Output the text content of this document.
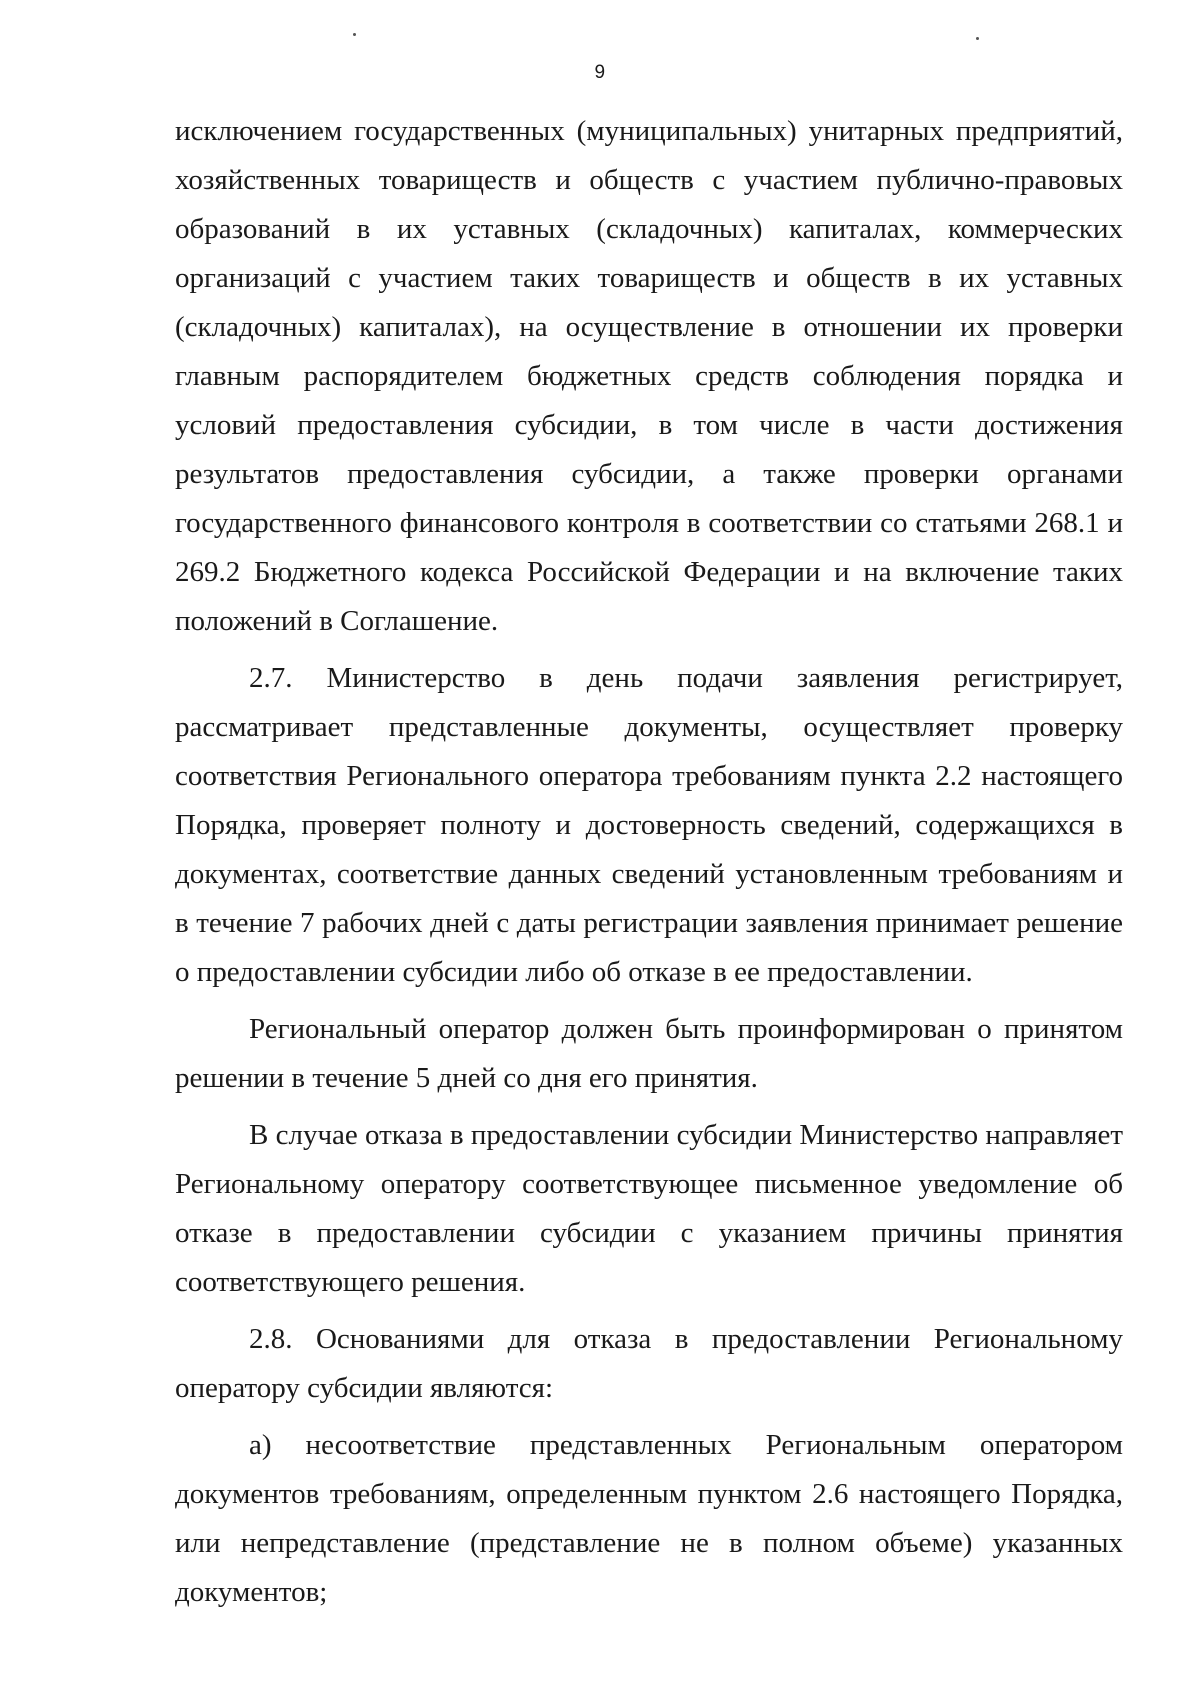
9

исключением государственных (муниципальных) унитарных предприятий, хозяйственных товариществ и обществ с участием публично-правовых образований в их уставных (складочных) капиталах, коммерческих организаций с участием таких товариществ и обществ в их уставных (складочных) капиталах), на осуществление в отношении их проверки главным распорядителем бюджетных средств соблюдения порядка и условий предоставления субсидии, в том числе в части достижения результатов предоставления субсидии, а также проверки органами государственного финансового контроля в соответствии со статьями 268.1 и 269.2 Бюджетного кодекса Российской Федерации и на включение таких положений в Соглашение.

2.7. Министерство в день подачи заявления регистрирует, рассматривает представленные документы, осуществляет проверку соответствия Регионального оператора требованиям пункта 2.2 настоящего Порядка, проверяет полноту и достоверность сведений, содержащихся в документах, соответствие данных сведений установленным требованиям и в течение 7 рабочих дней с даты регистрации заявления принимает решение о предоставлении субсидии либо об отказе в ее предоставлении.

Региональный оператор должен быть проинформирован о принятом решении в течение 5 дней со дня его принятия.

В случае отказа в предоставлении субсидии Министерство направляет Региональному оператору соответствующее письменное уведомление об отказе в предоставлении субсидии с указанием причины принятия соответствующего решения.

2.8. Основаниями для отказа в предоставлении Региональному оператору субсидии являются:

а) несоответствие представленных Региональным оператором документов требованиям, определенным пунктом 2.6 настоящего Порядка, или непредставление (представление не в полном объеме) указанных документов;
